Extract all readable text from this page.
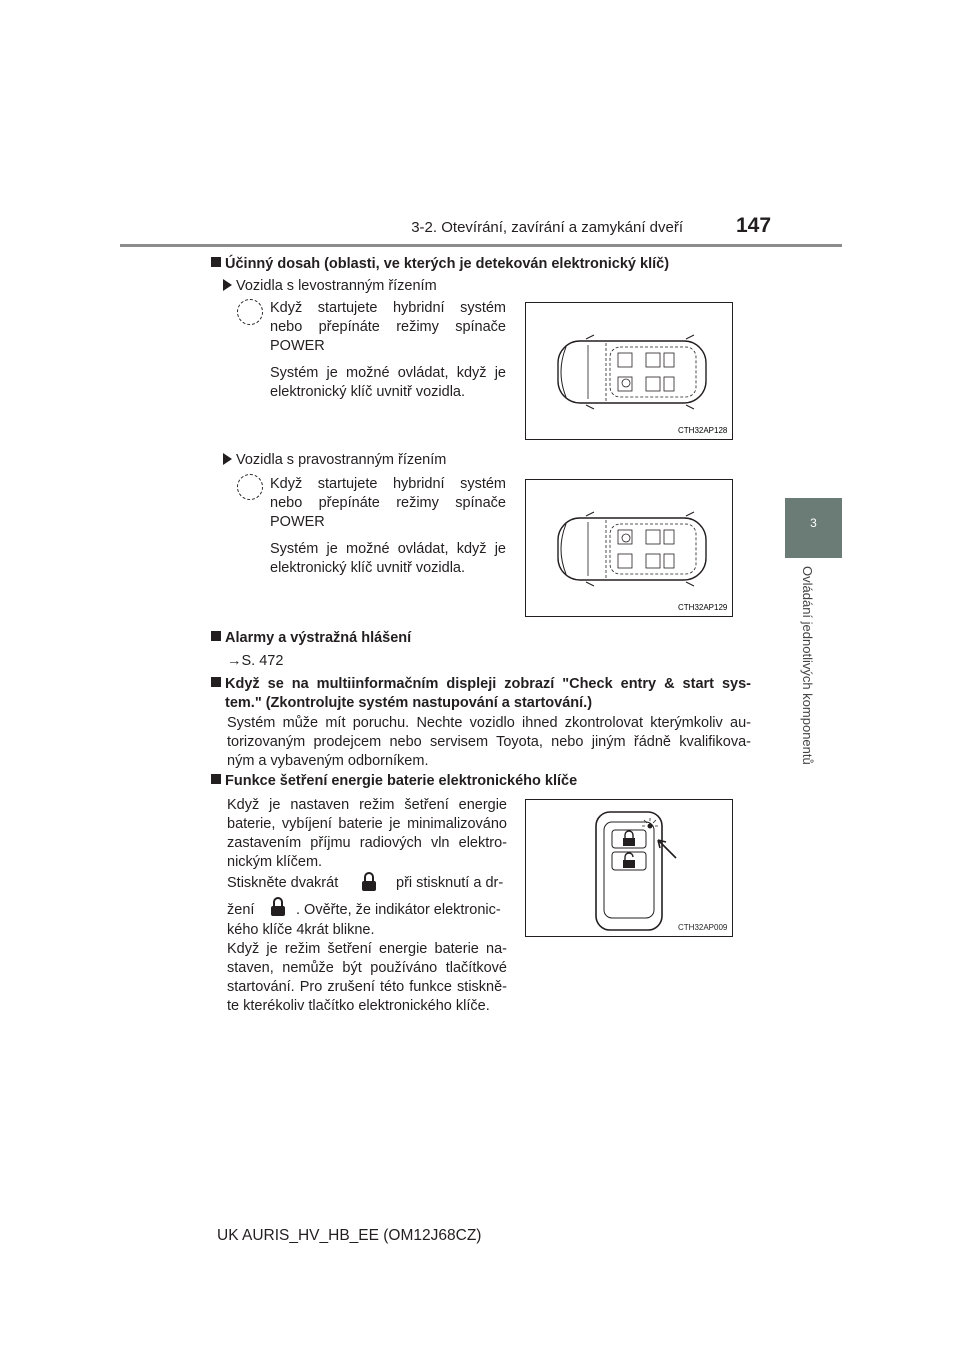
3-2. Otevírání, zavírání a zamykání dveří	147
3
Ovládání jednotlivých komponentů
Účinný dosah (oblasti, ve kterých je detekován elektronický klíč)
Vozidla s levostranným řízením
Když startujete hybridní systém
nebo přepínáte režimy spínače
POWER
Systém je možné ovládat, když je
elektronický klíč uvnitř vozidla.
CTH32AP128
Vozidla s pravostranným řízením
Když startujete hybridní systém
nebo přepínáte režimy spínače
POWER
Systém je možné ovládat, když je
elektronický klíč uvnitř vozidla.
CTH32AP129
Alarmy a výstražná hlášení
→S. 472
Když se na multiinformačním displeji zobrazí "Check entry & start sys-
tem." (Zkontrolujte systém nastupování a startování.)
Systém může mít poruchu. Nechte vozidlo ihned zkontrolovat kterýmkoliv au-
torizovaným prodejcem nebo servisem Toyota, nebo jiným řádně kvalifikova-
ným a vybaveným odborníkem.
Funkce šetření energie baterie elektronického klíče
Když je nastaven režim šetření energie
baterie, vybíjení baterie je minimalizováno
zastavením příjmu radiových vln elektro-
nickým klíčem.
Stiskněte dvakrát	při stisknutí a dr-
žení	. Ověřte, že indikátor elektronic-
kého klíče 4krát blikne.
Když je režim šetření energie baterie na-
staven, nemůže být používáno tlačítkové
startování. Pro zrušení této funkce stiskně-
te kterékoliv tlačítko elektronického klíče.
CTH32AP009
UK AURIS_HV_HB_EE (OM12J68CZ)
